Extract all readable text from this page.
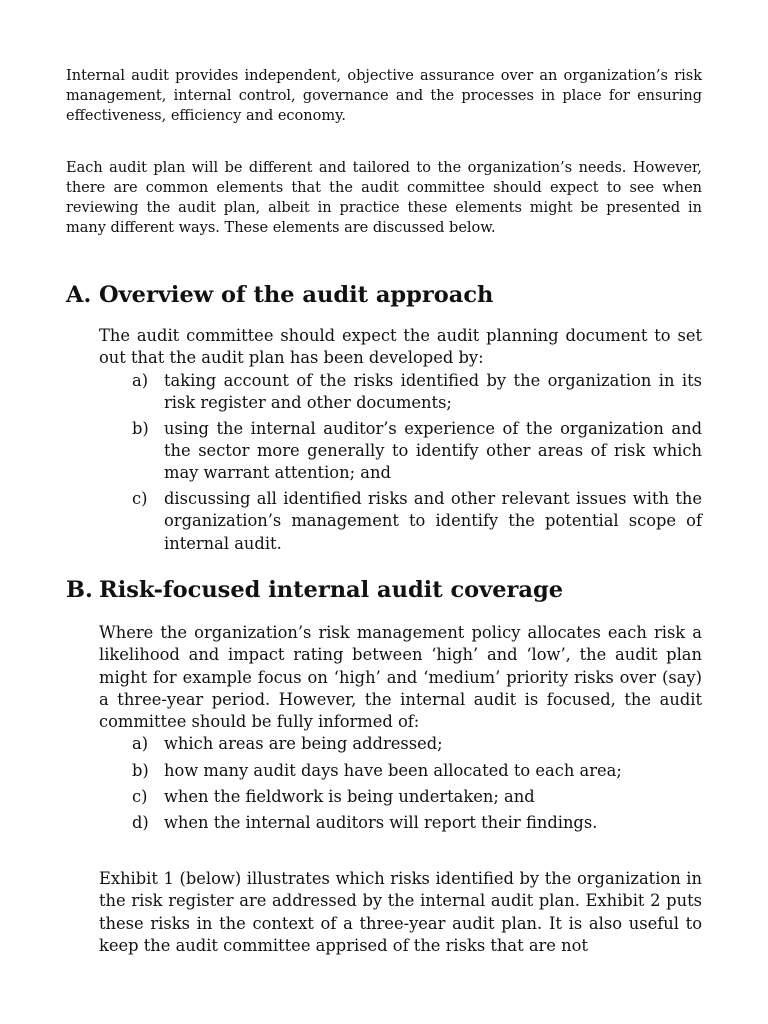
Internal audit provides independent, objective assurance over an organization’s risk management, internal control, governance and the processes in place for ensuring effectiveness, efficiency and economy.

Each audit plan will be different and tailored to the organization’s needs. However, there are common elements that the audit committee should expect to see when reviewing the audit plan, albeit in practice these elements might be presented in many different ways. These elements are discussed below.

A. Overview of the audit approach

The audit committee should expect the audit planning document to set out that the audit plan has been developed by:

a) taking account of the risks identified by the organization in its risk register and other documents;
b) using the internal auditor’s experience of the organization and the sector more generally to identify other areas of risk which may warrant attention; and
c)	discussing all identified risks and other relevant issues with the organization’s management to identify the potential scope of internal audit.
B. Risk-focused internal audit coverage

Where the organization’s risk management policy allocates each risk a likelihood and impact rating between ‘high’ and ‘low’, the audit plan might for example focus on ‘high’ and ‘medium’ priority risks over (say) a three-year period. However, the internal audit is focused, the audit committee should be fully informed of:

a) which areas are being addressed;
b) how many audit days have been allocated to each area;
c)	when the fieldwork is being undertaken; and
d) when the internal auditors will report their findings.

Exhibit 1 (below) illustrates which risks identified by the organization in the risk register are addressed by the internal audit plan. Exhibit 2 puts these risks in the context of a three-year audit plan. It is also useful to keep the audit committee apprised of the risks that are not
